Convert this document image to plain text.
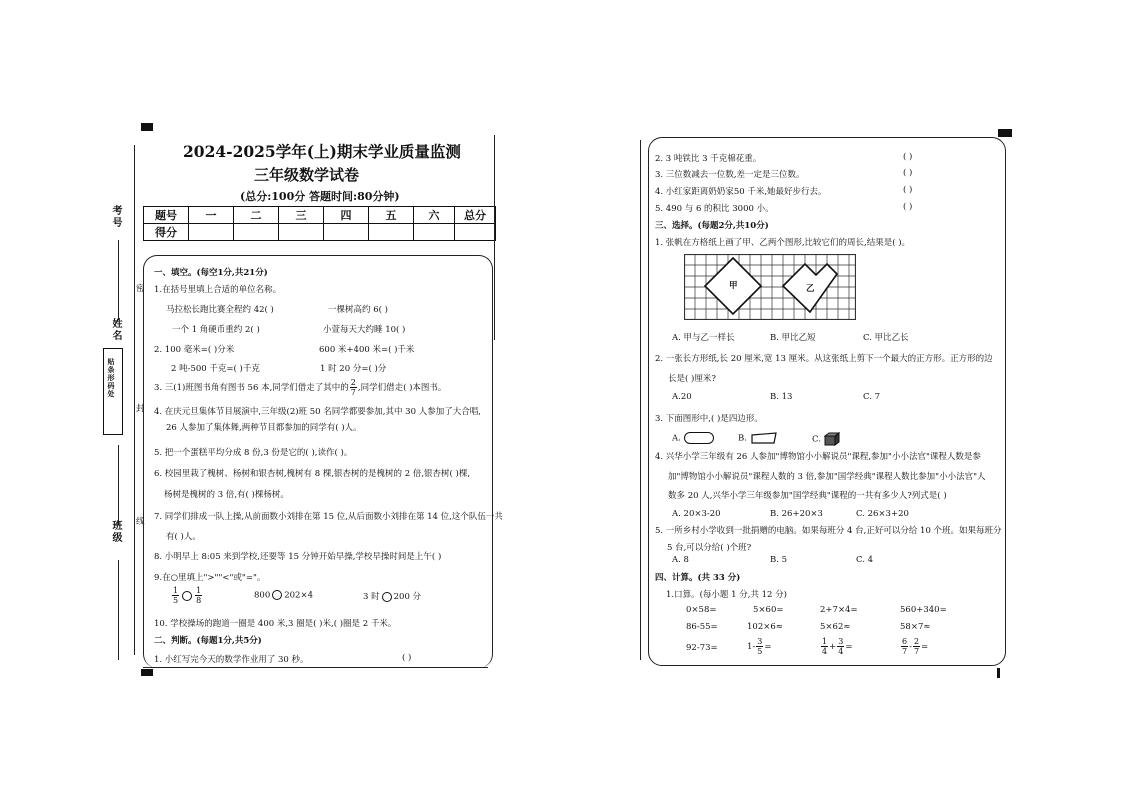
考号
姓名
贴条形码处
班级
密
封
线
2024-2025学年(上)期末学业质量监测
三年级数学试卷
(总分:100分 答题时间:80分钟)
题号	一	二	三	四	五	六	总分
得分							
一、填空。(每空1分,共21分)
1.在括号里填上合适的单位名称。
马拉松长跑比赛全程约 42( )	一棵树高约 6( )
一个 1 角硬币重约 2( )	小萱每天大约睡 10( )
2. 100 毫米=( )分米	600 米+400 米=( )千米
2 吨-500 千克=( )千克	1 时 20 分=( )分
3. 三(1)班图书角有图书 56 本,同学们借走了其中的 $\frac{2}{7}$ ,同学们借走( )本图书。
4. 在庆元旦集体节目展演中,三年级(2)班 50 名同学都要参加,其中 30 人参加了大合唱,
26 人参加了集体舞,两种节目都参加的同学有( )人。
5. 把一个蛋糕平均分成 8 份,3 份是它的( ),读作( )。
6. 校园里栽了槐树、杨树和银杏树,槐树有 8 棵,银杏树的是槐树的 2 倍,银杏树( )棵,
杨树是槐树的 3 倍,有( )棵杨树。
7. 同学们排成一队上操,从前面数小刘排在第 15 位,从后面数小刘排在第 14 位,这个队伍一共
有( )人。
8. 小明早上 8:05 来到学校,还要等 15 分钟开始早操,学校早操时间是上午( )
9.在○里填上">""<"或"="。
$\frac{1}{5} \frac{1}{8}$	800 202×4	3 时 200 分
10. 学校操场的跑道一圈是 400 米,3 圈是( )米,( )圈是 2 千米。
二、判断。(每题1分,共5分)
1. 小红写完今天的数学作业用了 30 秒。	( )
2. 3 吨铁比 3 千克棉花重。	( )
3. 三位数减去一位数,差一定是三位数。	( )
4. 小红家距离奶奶家50 千米,她最好步行去。	( )
5. 490 与 6 的积比 3000 小。	( )
三、选择。(每题2分,共10分)
1. 张帆在方格纸上画了甲、乙两个图形,比较它们的周长,结果是( )。
甲	乙
A. 甲与乙一样长	B. 甲比乙短	C. 甲比乙长
2. 一张长方形纸,长 20 厘米,宽 13 厘米。从这张纸上剪下一个最大的正方形。正方形的边
长是( )厘米?
A.20	B. 13	C. 7
3. 下面图形中,( )是四边形。
A.	B.	C.
4. 兴华小学三年级有 26 人参加"博物馆小小解说员"课程,参加"小小法官"课程人数是参
加"博物馆小小解说员"课程人数的 3 倍,参加"国学经典"课程人数比参加"小小法官"人
数多 20 人,兴华小学三年级参加"国学经典"课程的一共有多少人?列式是( )
A. 20×3-20	B. 26+20×3	C. 26×3+20
5. 一所乡村小学收到一批捐赠的电脑。如果每班分 4 台,正好可以分给 10 个班。如果每班分
5 台,可以分给( )个班?
A. 8	B. 5	C. 4
四、计算。(共 33 分)
1.口算。(每小题 1 分,共 12 分)
0×58=	5×60=	2+7×4=	560+340=
86-55=	102×6≈	5×62≈	58×7≈
92-73=	$1- \frac{3}{5}$ =	$\frac{1}{4} + \frac{3}{4}$ =	$\frac{6}{7} - \frac{2}{7}$ =
